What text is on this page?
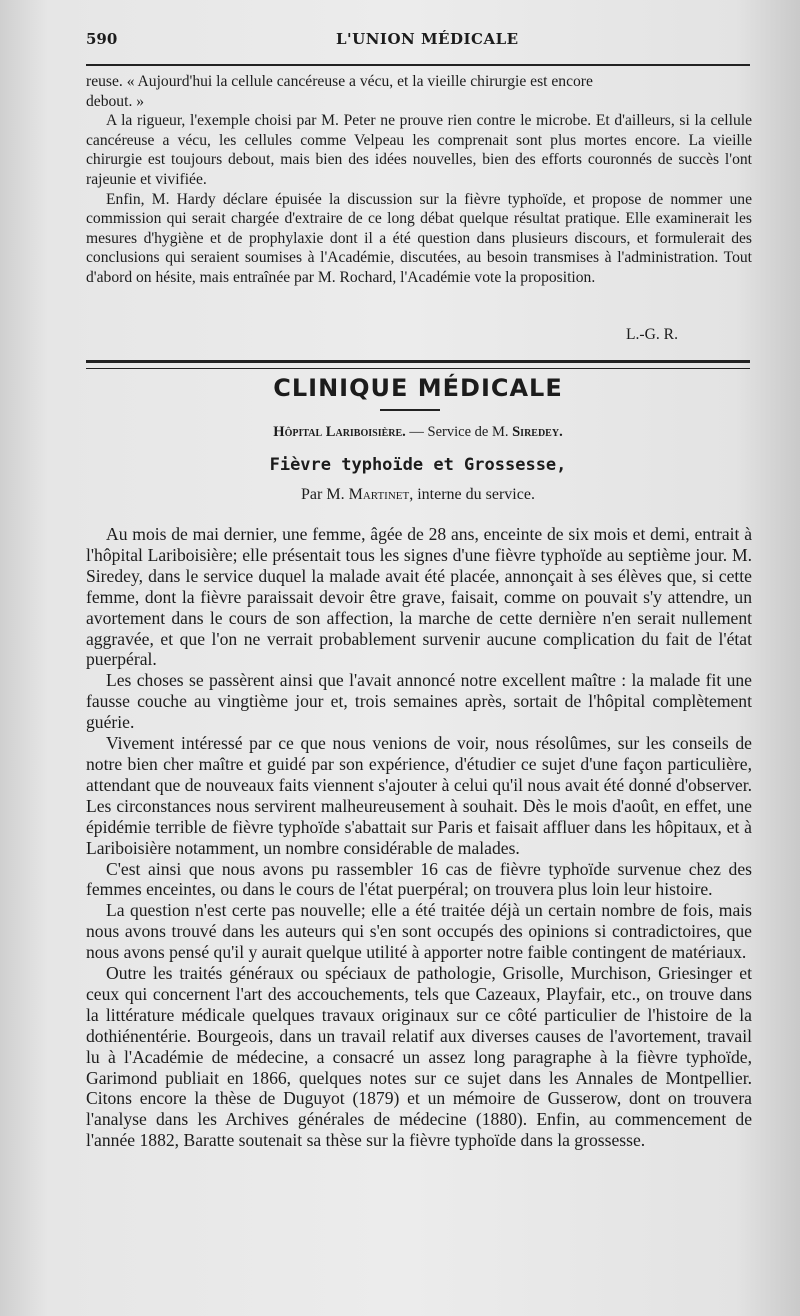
590	L'UNION MÉDICALE

reuse. « Aujourd'hui la cellule cancéreuse a vécu, et la vieille chirurgie est encore
debout. »

A la rigueur, l'exemple choisi par M. Peter ne prouve rien contre le microbe. Et d'ailleurs, si la cellule cancéreuse a vécu, les cellules comme Velpeau les comprenait sont plus mortes encore. La vieille chirurgie est toujours debout, mais bien des idées nouvelles, bien des efforts couronnés de succès l'ont rajeunie et vivifiée.

Enfin, M. Hardy déclare épuisée la discussion sur la fièvre typhoïde, et propose de nommer une commission qui serait chargée d'extraire de ce long débat quelque résultat pratique. Elle examinerait les mesures d'hygiène et de prophylaxie dont il a été question dans plusieurs discours, et formulerait des conclusions qui seraient soumises à l'Académie, discutées, au besoin transmises à l'administration. Tout d'abord on hésite, mais entraînée par M. Rochard, l'Académie vote la proposition.

L.-G. R.
CLINIQUE MÉDICALE
Hôpital Lariboisière. — Service de M. Siredey.
Fièvre typhoïde et Grossesse,
Par M. Martinet, interne du service.

Au mois de mai dernier, une femme, âgée de 28 ans, enceinte de six mois et demi, entrait à l'hôpital Lariboisière; elle présentait tous les signes d'une fièvre typhoïde au septième jour. M. Siredey, dans le service duquel la malade avait été placée, annonçait à ses élèves que, si cette femme, dont la fièvre paraissait devoir être grave, faisait, comme on pouvait s'y attendre, un avortement dans le cours de son affection, la marche de cette dernière n'en serait nullement aggravée, et que l'on ne verrait probablement survenir aucune complication du fait de l'état puerpéral.

Les choses se passèrent ainsi que l'avait annoncé notre excellent maître : la malade fit une fausse couche au vingtième jour et, trois semaines après, sortait de l'hôpital complètement guérie.

Vivement intéressé par ce que nous venions de voir, nous résolûmes, sur les conseils de notre bien cher maître et guidé par son expérience, d'étudier ce sujet d'une façon particulière, attendant que de nouveaux faits viennent s'ajouter à celui qu'il nous avait été donné d'observer. Les circonstances nous servirent malheureusement à souhait. Dès le mois d'août, en effet, une épidémie terrible de fièvre typhoïde s'abattait sur Paris et faisait affluer dans les hôpitaux, et à Lariboisière notamment, un nombre considérable de malades.

C'est ainsi que nous avons pu rassembler 16 cas de fièvre typhoïde survenue chez des femmes enceintes, ou dans le cours de l'état puerpéral; on trouvera plus loin leur histoire.

La question n'est certe pas nouvelle; elle a été traitée déjà un certain nombre de fois, mais nous avons trouvé dans les auteurs qui s'en sont occupés des opinions si contradictoires, que nous avons pensé qu'il y aurait quelque utilité à apporter notre faible contingent de matériaux.

Outre les traités généraux ou spéciaux de pathologie, Grisolle, Murchison, Griesinger et ceux qui concernent l'art des accouchements, tels que Cazeaux, Playfair, etc., on trouve dans la littérature médicale quelques travaux originaux sur ce côté particulier de l'histoire de la dothiénentérie. Bourgeois, dans un travail relatif aux diverses causes de l'avortement, travail lu à l'Académie de médecine, a consacré un assez long paragraphe à la fièvre typhoïde, Garimond publiait en 1866, quelques notes sur ce sujet dans les Annales de Montpellier. Citons encore la thèse de Duguyot (1879) et un mémoire de Gusserow, dont on trouvera l'analyse dans les Archives générales de médecine (1880). Enfin, au commencement de l'année 1882, Baratte soutenait sa thèse sur la fièvre typhoïde dans la grossesse.
